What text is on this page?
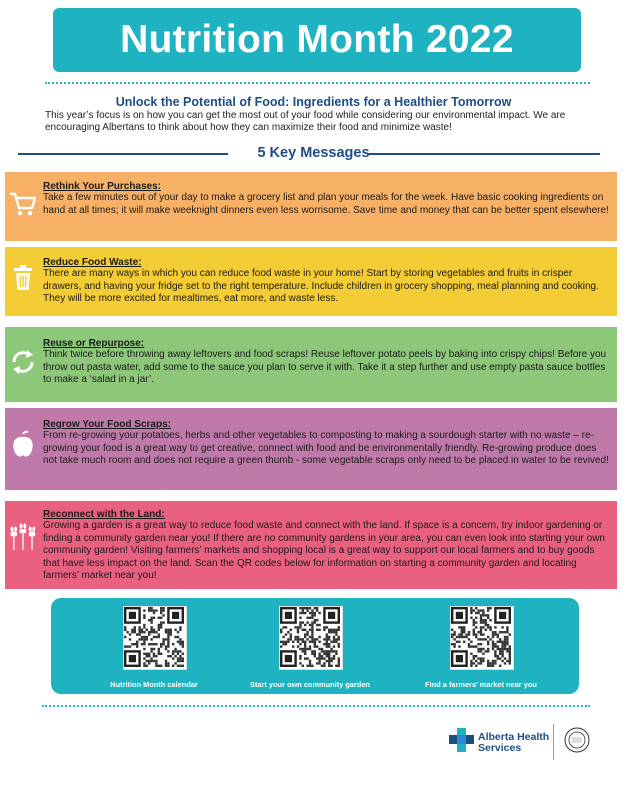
Nutrition Month 2022
Unlock the Potential of Food: Ingredients for a Healthier Tomorrow
This year’s focus is on how you can get the most out of your food while considering our environmental impact. We are encouraging Albertans to think about how they can maximize their food and minimize waste!
5 Key Messages
Rethink Your Purchases:
Take a few minutes out of your day to make a grocery list and plan your meals for the week. Have basic cooking ingredients on hand at all times; it will make weeknight dinners even less worrisome. Save time and money that can be better spent elsewhere!
Reduce Food Waste:
There are many ways in which you can reduce food waste in your home! Start by storing vegetables and fruits in crisper drawers, and having your fridge set to the right temperature. Include children in grocery shopping, meal planning and cooking. They will be more excited for mealtimes, eat more, and waste less.
Reuse or Repurpose:
Think twice before throwing away leftovers and food scraps! Reuse leftover potato peels by baking into crispy chips! Before you throw out pasta water, add some to the sauce you plan to serve it with. Take it a step further and use empty pasta sauce bottles to make a ‘salad in a jar’.
Regrow Your Food Scraps:
From re-growing your potatoes, herbs and other vegetables to composting to making a sourdough starter with no waste – re-growing your food is a great way to get creative, connect with food and be environmentally friendly. Re-growing produce does not take much room and does not require a green thumb - some vegetable scraps only need to be placed in water to be revived!
Reconnect with the Land:
Growing a garden is a great way to reduce food waste and connect with the land. If space is a concern, try indoor gardening or finding a community garden near you! If there are no community gardens in your area, you can even look into starting your own community garden! Visiting farmers’ markets and shopping local is a great way to support our local farmers and to buy goods that have less impact on the land. Scan the QR codes below for information on starting a community garden and locating farmers’ market near you!
Nutrition Month calendar	Start your own community garden	Find a farmers’ market near you
Alberta Health
Services
